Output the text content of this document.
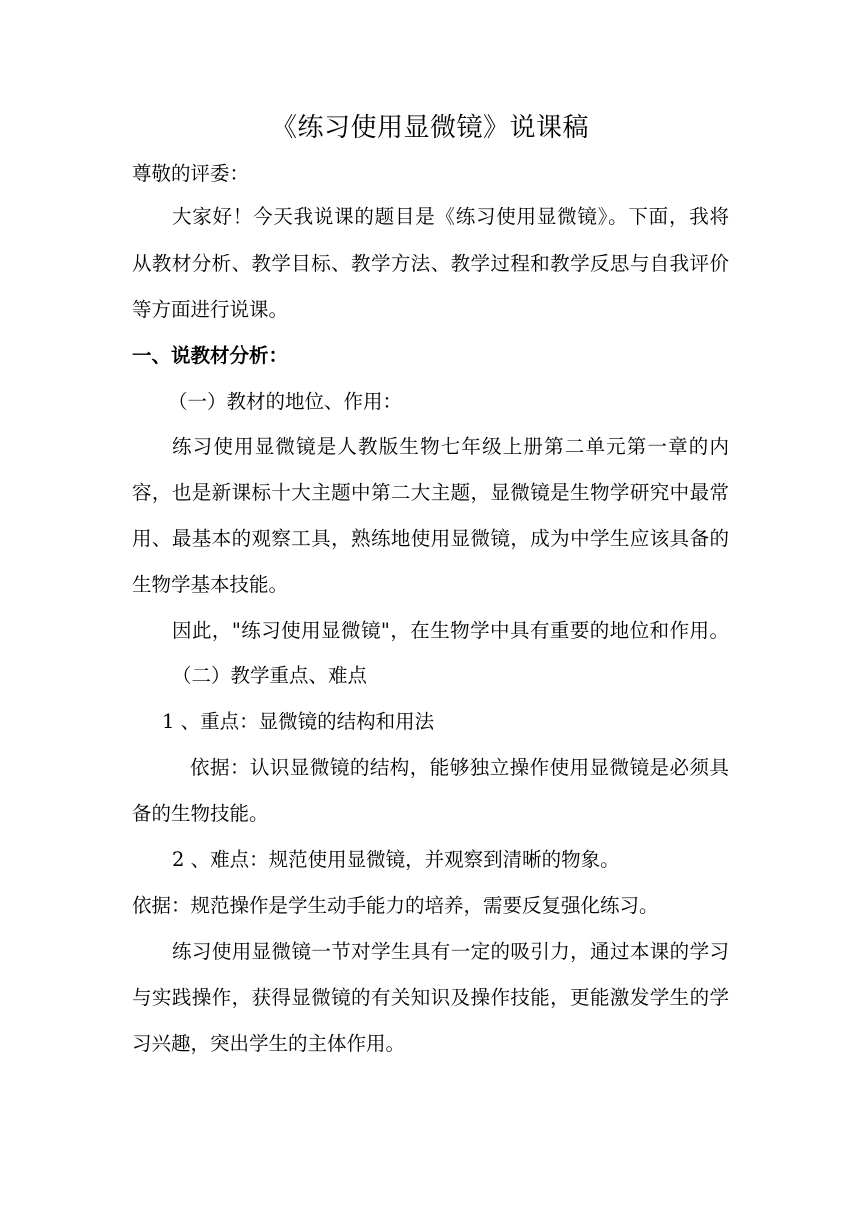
《练习使用显微镜》说课稿
尊敬的评委：
大家好！今天我说课的题目是《练习使用显微镜》。下面，我将
从教材分析、教学目标、教学方法、教学过程和教学反思与自我评价
等方面进行说课。
一、说教材分析：
（一）教材的地位、作用：
练习使用显微镜是人教版生物七年级上册第二单元第一章的内
容，也是新课标十大主题中第二大主题，显微镜是生物学研究中最常
用、最基本的观察工具，熟练地使用显微镜，成为中学生应该具备的
生物学基本技能。
因此，"练习使用显微镜"，在生物学中具有重要的地位和作用。
（二）教学重点、难点
1 、重点：显微镜的结构和用法
依据：认识显微镜的结构，能够独立操作使用显微镜是必须具
备的生物技能。
2 、难点：规范使用显微镜，并观察到清晰的物象。
依据：规范操作是学生动手能力的培养，需要反复强化练习。
练习使用显微镜一节对学生具有一定的吸引力，通过本课的学习
与实践操作，获得显微镜的有关知识及操作技能，更能激发学生的学
习兴趣，突出学生的主体作用。
